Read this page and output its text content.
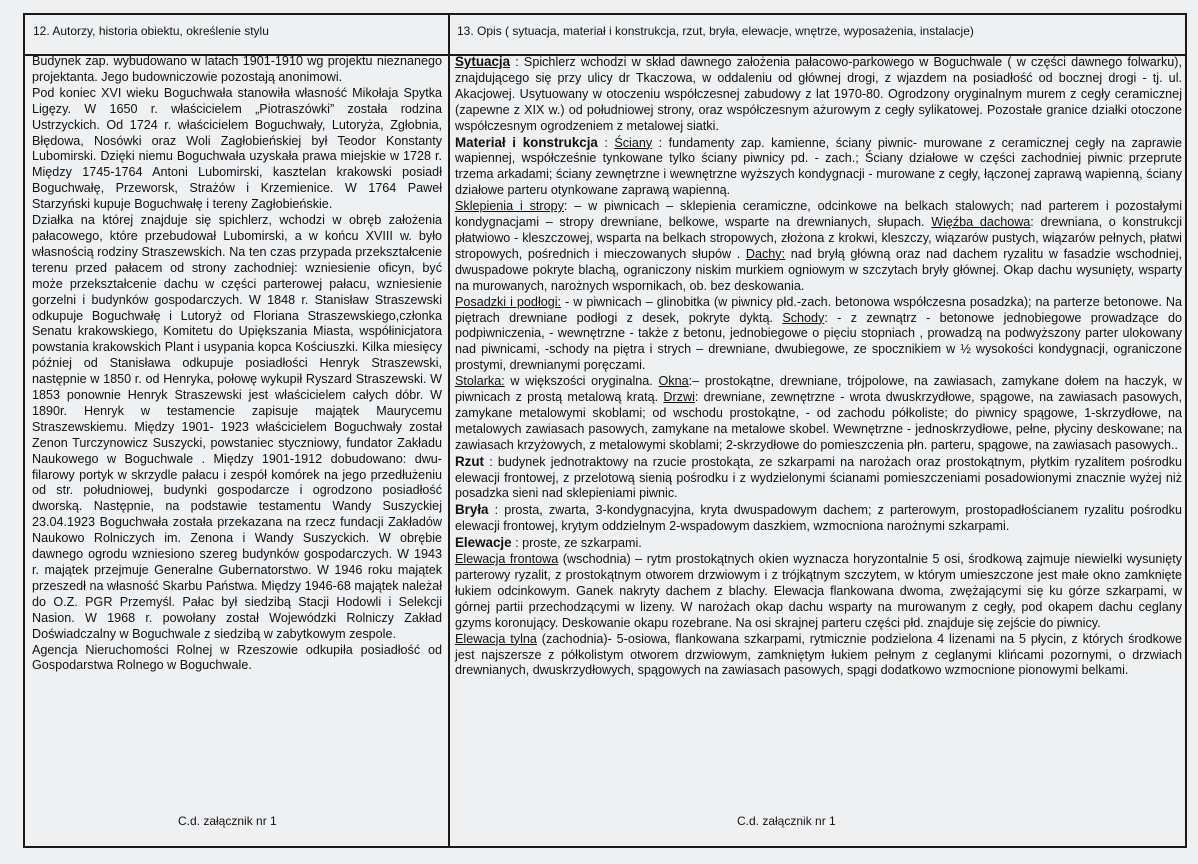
12. Autorzy, historia obiektu, określenie stylu	13. Opis ( sytuacja, materiał i konstrukcja, rzut, bryła, elewacje, wnętrze, wyposażenia, instalacje)

Budynek zap. wybudowano w latach 1901-1910 wg projektu nieznanego projektanta. Jego budowniczowie pozostają anonimowi.

Pod koniec XVI wieku Boguchwała stanowiła własność Mikołaja Spytka Ligęzy. W 1650 r. właścicielem „Piotraszówki” została rodzina Ustrzyckich. Od 1724 r. właścicielem Boguchwały, Lutoryża, Zgłobnia, Błędowa, Nosówki oraz Woli Zagłobieńskiej był Teodor Konstanty Lubomirski. Dzięki niemu Boguchwała uzyskała prawa miejskie w 1728 r. Między 1745-1764 Antoni Lubomirski, kasztelan krakowski posiadł Boguchwałę, Przeworsk, Strażów i Krzemienice. W 1764 Paweł Starzyński kupuje Boguchwałę i tereny Zagłobieńskie.

Działka na której znajduje się spichlerz, wchodzi w obręb założenia pałacowego, które przebudował Lubomirski, a w końcu XVIII w. było własnością rodziny Straszewskich. Na ten czas przypada przekształcenie terenu przed pałacem od strony zachodniej: wzniesienie oficyn, być może przekształcenie dachu w części parterowej pałacu, wzniesienie gorzelni i budynków gospodarczych. W 1848 r. Stanisław Straszewski odkupuje Boguchwałę i Lutoryż od Floriana Straszewskiego,członka Senatu krakowskiego, Komitetu do Upiększania Miasta, współinicjatora powstania krakowskich Plant i usypania kopca Kościuszki. Kilka miesięcy później od Stanisława odkupuje posiadłości Henryk Straszewski, następnie w 1850 r. od Henryka, połowę wykupił Ryszard Straszewski. W 1853 ponownie Henryk Straszewski jest właścicielem całych dóbr. W 1890r. Henryk w testamencie zapisuje majątek Maurycemu Straszewskiemu. Między 1901- 1923 właścicielem Boguchwały został Zenon Turczynowicz Suszycki, powstaniec styczniowy, fundator Zakładu Naukowego w Boguchwale . Między 1901-1912 dobudowano: dwu-filarowy portyk w skrzydle pałacu i zespół komórek na jego przedłużeniu od str. południowej, budynki gospodarcze i ogrodzono posiadłość dworską. Następnie, na podstawie testamentu Wandy Suszyckiej 23.04.1923 Boguchwała została przekazana na rzecz fundacji Zakładów Naukowo Rolniczych im. Zenona i Wandy Suszyckich. W obrębie dawnego ogrodu wzniesiono szereg budynków gospodarczych. W 1943 r. majątek przejmuje Generalne Gubernatorstwo. W 1946 roku majątek przeszedł na własność Skarbu Państwa. Między 1946-68 majątek należał do O.Z. PGR Przemyśl. Pałac był siedzibą Stacji Hodowli i Selekcji Nasion. W 1968 r. powołany został Wojewódzki Rolniczy Zakład Doświadczalny w Boguchwale z siedzibą w zabytkowym zespole.

Agencja Nieruchomości Rolnej w Rzeszowie odkupiła posiadłość od Gospodarstwa Rolnego w Boguchwale.

Sytuacja : Spichlerz wchodzi w skład dawnego założenia pałacowo-parkowego w Boguchwale ( w części dawnego folwarku), znajdującego się przy ulicy dr Tkaczowa, w oddaleniu od głównej drogi, z wjazdem na posiadłość od bocznej drogi - tj. ul. Akacjowej. Usytuowany w otoczeniu współczesnej zabudowy z lat 1970-80. Ogrodzony oryginalnym murem z cegły ceramicznej (zapewne z XIX w.) od południowej strony, oraz współczesnym ażurowym z cegły sylikatowej. Pozostałe granice działki otoczone współczesnym ogrodzeniem z metalowej siatki.

Materiał i konstrukcja : Ściany : fundamenty zap. kamienne, ściany piwnic- murowane z ceramicznej cegły na zaprawie wapiennej, współcześnie tynkowane tylko ściany piwnicy pd. - zach.; Ściany działowe w części zachodniej piwnic przeprute trzema arkadami; ściany zewnętrzne i wewnętrzne wyższych kondygnacji - murowane z cegły, łączonej zaprawą wapienną, ściany działowe parteru otynkowane zaprawą wapienną.
Sklepienia i stropy: – w piwnicach – sklepienia ceramiczne, odcinkowe na belkach stalowych; nad parterem i pozostałymi kondygnacjami – stropy drewniane, belkowe, wsparte na drewnianych, słupach. Więźba dachowa: drewniana, o konstrukcji płatwiowo - kleszczowej, wsparta na belkach stropowych, złożona z krokwi, kleszczy, wiązarów pustych, wiązarów pełnych, płatwi stropowych, pośrednich i mieczowanych słupów . Dachy: nad bryłą główną oraz nad dachem ryzalitu w fasadzie wschodniej, dwuspadowe pokryte blachą, ograniczony niskim murkiem ogniowym w szczytach bryły głównej. Okap dachu wysunięty, wsparty na murowanych, narożnych wspornikach, ob. bez deskowania.

Posadzki i podłogi: - w piwnicach – glinobitka (w piwnicy płd.-zach. betonowa współczesna posadzka); na parterze betonowe. Na piętrach drewniane podłogi z desek, pokryte dyktą. Schody: - z zewnątrz - betonowe jednobiegowe prowadzące do podpiwniczenia, - wewnętrzne - także z betonu, jednobiegowe o pięciu stopniach , prowadzą na podwyższony parter ulokowany nad piwnicami, -schody na piętra i strych – drewniane, dwubiegowe, ze spocznikiem w ½ wysokości kondygnacji, ograniczone prostymi, drewnianymi poręczami.
Stolarka: w większości oryginalna. Okna:– prostokątne, drewniane, trójpolowe, na zawiasach, zamykane dołem na haczyk, w piwnicach z prostą metalową kratą. Drzwi: drewniane, zewnętrzne - wrota dwuskrzydłowe, spągowe, na zawiasach pasowych, zamykane metalowymi skoblami; od wschodu prostokątne, - od zachodu półkoliste; do piwnicy spągowe, 1-skrzydłowe, na metalowych zawiasach pasowych, zamykane na metalowe skobel. Wewnętrzne - jednoskrzydłowe, pełne, płyciny deskowane; na zawiasach krzyżowych, z metalowymi skoblami; 2-skrzydłowe do pomieszczenia płn. parteru, spągowe, na zawiasach pasowych..

Rzut : budynek jednotraktowy na rzucie prostokąta, ze szkarpami na narożach oraz prostokątnym, płytkim ryzalitem pośrodku elewacji frontowej, z przelotową sienią pośrodku i z wydzielonymi ścianami pomieszczeniami posadowionymi znacznie wyżej niż posadzka sieni nad sklepieniami piwnic.

Bryła : prosta, zwarta, 3-kondygnacyjna, kryta dwuspadowym dachem; z parterowym, prostopadłościanem ryzalitu pośrodku elewacji frontowej, krytym oddzielnym 2-wspadowym daszkiem, wzmocniona narożnymi szkarpami.

Elewacje : proste, ze szkarpami.

Elewacja frontowa (wschodnia) – rytm prostokątnych okien wyznacza horyzontalnie 5 osi, środkową zajmuje niewielki wysunięty parterowy ryzalit, z prostokątnym otworem drzwiowym i z trójkątnym szczytem, w którym umieszczone jest małe okno zamknięte łukiem odcinkowym. Ganek nakryty dachem z blachy. Elewacja flankowana dwoma, zwężającymi się ku górze szkarpami, w górnej partii przechodzącymi w lizeny. W narożach okap dachu wsparty na murowanym z cegły, pod okapem dachu ceglany gzyms koronujący. Deskowanie okapu rozebrane. Na osi skrajnej parteru części płd. znajduje się zejście do piwnicy.

Elewacja tylna (zachodnia)- 5-osiowa, flankowana szkarpami, rytmicznie podzielona 4 lizenami na 5 płycin, z których środkowe jest najszersze z półkolistym otworem drzwiowym, zamkniętym łukiem pełnym z ceglanymi klińcami pozornymi, o drzwiach drewnianych, dwuskrzydłowych, spągowych na zawiasach pasowych, spągi dodatkowo wzmocnione pionowymi belkami.

C.d. załącznik nr 1	C.d. załącznik nr 1
